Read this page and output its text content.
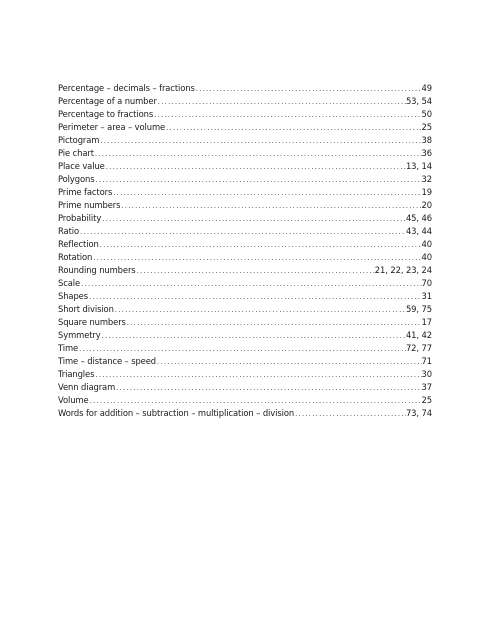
Percentage – decimals – fractions .....	49
Percentage of a number .....	53, 54
Percentage to fractions .....	50
Perimeter – area – volume .....	25
Pictogram .....	38
Pie chart .....	36
Place value .....	13, 14
Polygons .....	32
Prime factors .....	19
Prime numbers .....	20
Probability .....	45, 46
Ratio .....	43, 44
Reflection .....	40
Rotation .....	40
Rounding numbers .....	21, 22, 23, 24
Scale .....	70
Shapes .....	31
Short division .....	59, 75
Square numbers .....	17
Symmetry .....	41, 42
Time .....	72, 77
Time – distance – speed .....	71
Triangles .....	30
Venn diagram .....	37
Volume .....	25
Words for addition – subtraction – multiplication – division .....	73, 74
